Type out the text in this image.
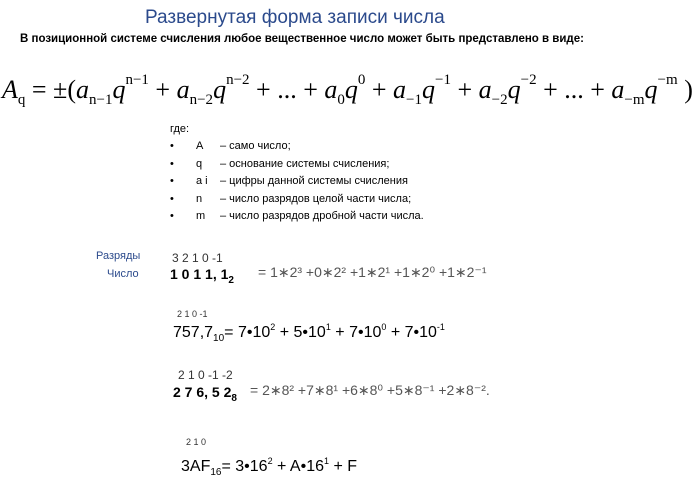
Развернутая форма записи числа
В позиционной системе счисления любое вещественное число может быть представлено в виде:
$A_q = \pm(a_{n-1}q^{n-1} + a_{n-2}q^{n-2}$ + ... + $a_0q^0 + a_{-1}q^{-1} + a_{-2}q^{-2}$ + ... + $a_{-m}q^{-m}$ )
где:
• A – само число;
• q – основание системы счисления;
• a i – цифры данной системы счисления
• n – число разрядов целой части числа;
• m – число разрядов дробной части числа.
Разряды
Число
3 2 1 0 -1
1 0 1 1, $1_2$
= 1∗2³ +0∗2² +1∗2¹ +1∗2⁰ +1∗2⁻¹
2 1 0 -1
$757,7_{10}=$ $7•10^2$ + $5•10^1$ + $7•10^0$ + $7•10^{-1}$
2 1 0 -1 -2
2 7 6, 5 $2_8$
= 2∗8² +7∗8¹ +6∗8⁰ +5∗8⁻¹ +2∗8⁻².
2 1 0
$3AF_{16}=$ $3•16^2$ + $A•16^1 + F$
